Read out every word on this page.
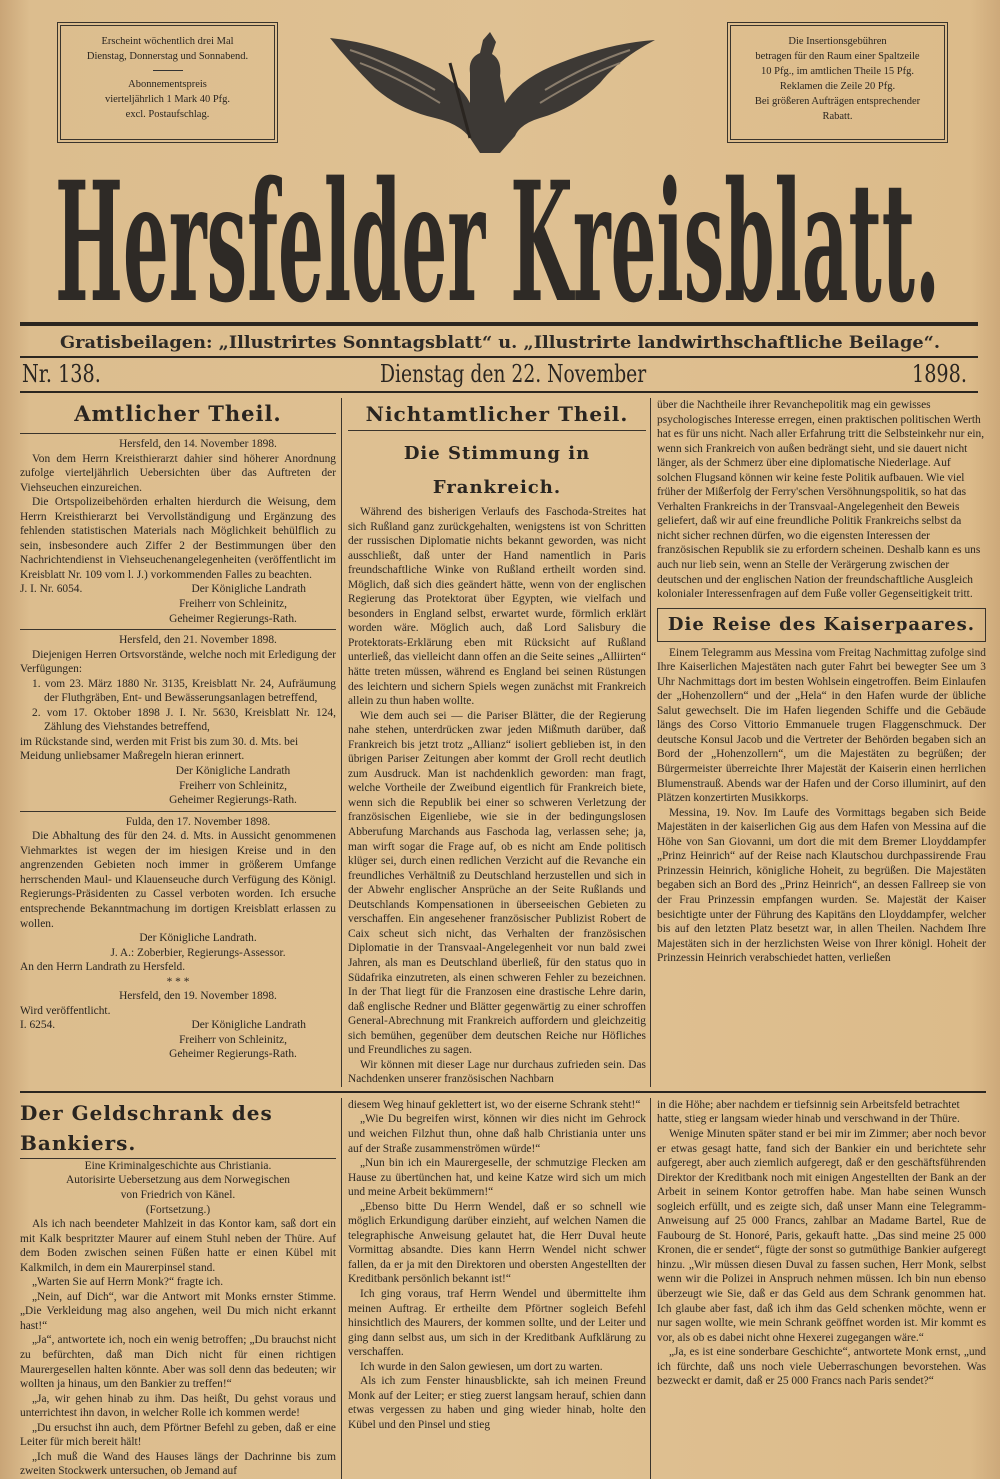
Erscheint wöchentlich drei Mal
Dienstag, Donnerstag und Sonnabend.
Abonnementspreis
vierteljährlich 1 Mark 40 Pfg.
excl. Postaufschlag.
Die Insertionsgebühren
betragen für den Raum einer Spaltzeile
10 Pfg., im amtlichen Theile 15 Pfg.
Reklamen die Zeile 20 Pfg.
Bei größeren Aufträgen entsprechender
Rabatt.
Hersfelder Kreisblatt.
Gratisbeilagen: „Illustrirtes Sonntagsblatt“ u. „Illustrirte landwirthschaftliche Beilage“.
Nr. 138.	Dienstag den 22. November	1898.

Amtlicher Theil.

Hersfeld, den 14. November 1898.

Von dem Herrn Kreisthierarzt dahier sind höherer Anordnung zufolge vierteljährlich Uebersichten über das Auftreten der Viehseuchen einzureichen.

Die Ortspolizeibehörden erhalten hierdurch die Weisung, dem Herrn Kreisthierarzt bei Vervollständigung und Ergänzung des fehlenden statistischen Materials nach Möglichkeit behülflich zu sein, insbesondere auch Ziffer 2 der Bestimmungen über den Nachrichtendienst in Viehseuchenangelegenheiten (veröffentlicht im Kreisblatt Nr. 109 vom l. J.) vorkommenden Falles zu beachten.

J. I. Nr. 6054.	Der Königliche Landrath

Freiherr von Schleinitz,

Geheimer Regierungs-Rath.

Hersfeld, den 21. November 1898.

Diejenigen Herren Ortsvorstände, welche noch mit Erledigung der Verfügungen:

1. vom 23. März 1880 Nr. 3135, Kreisblatt Nr. 24, Aufräumung der Fluthgräben, Ent- und Bewässerungsanlagen betreffend,

2. vom 17. Oktober 1898 J. I. Nr. 5630, Kreisblatt Nr. 124, Zählung des Viehstandes betreffend,

im Rückstande sind, werden mit Frist bis zum 30. d. Mts. bei Meidung unliebsamer Maßregeln hieran erinnert.

Der Königliche Landrath

Freiherr von Schleinitz,

Geheimer Regierungs-Rath.

Fulda, den 17. November 1898.

Die Abhaltung des für den 24. d. Mts. in Aussicht genommenen Viehmarktes ist wegen der im hiesigen Kreise und in den angrenzenden Gebieten noch immer in größerem Umfange herrschenden Maul- und Klauenseuche durch Verfügung des Königl. Regierungs-Präsidenten zu Cassel verboten worden. Ich ersuche entsprechende Bekanntmachung im dortigen Kreisblatt erlassen zu wollen.

Der Königliche Landrath.

J. A.: Zoberbier, Regierungs-Assessor.

An den Herrn Landrath zu Hersfeld.

* * *

Hersfeld, den 19. November 1898.

Wird veröffentlicht.

I. 6254.	Der Königliche Landrath

Freiherr von Schleinitz,

Geheimer Regierungs-Rath.

Nichtamtlicher Theil.

Die Stimmung in Frankreich.

Während des bisherigen Verlaufs des Faschoda-Streites hat sich Rußland ganz zurückgehalten, wenigstens ist von Schritten der russischen Diplomatie nichts bekannt geworden, was nicht ausschließt, daß unter der Hand namentlich in Paris freundschaftliche Winke von Rußland ertheilt worden sind. Möglich, daß sich dies geändert hätte, wenn von der englischen Regierung das Protektorat über Egypten, wie vielfach und besonders in England selbst, erwartet wurde, förmlich erklärt worden wäre. Möglich auch, daß Lord Salisbury die Protektorats-Erklärung eben mit Rücksicht auf Rußland unterließ, das vielleicht dann offen an die Seite seines „Alliirten“ hätte treten müssen, während es England bei seinen Rüstungen des leichtern und sichern Spiels wegen zunächst mit Frankreich allein zu thun haben wollte.

Wie dem auch sei — die Pariser Blätter, die der Regierung nahe stehen, unterdrücken zwar jeden Mißmuth darüber, daß Frankreich bis jetzt trotz „Allianz“ isoliert geblieben ist, in den übrigen Pariser Zeitungen aber kommt der Groll recht deutlich zum Ausdruck. Man ist nachdenklich geworden: man fragt, welche Vortheile der Zweibund eigentlich für Frankreich biete, wenn sich die Republik bei einer so schweren Verletzung der französischen Eigenliebe, wie sie in der bedingungslosen Abberufung Marchands aus Faschoda lag, verlassen sehe; ja, man wirft sogar die Frage auf, ob es nicht am Ende politisch klüger sei, durch einen redlichen Verzicht auf die Revanche ein freundliches Verhältniß zu Deutschland herzustellen und sich in der Abwehr englischer Ansprüche an der Seite Rußlands und Deutschlands Kompensationen in überseeischen Gebieten zu verschaffen. Ein angesehener französischer Publizist Robert de Caix scheut sich nicht, das Verhalten der französischen Diplomatie in der Transvaal-Angelegenheit vor nun bald zwei Jahren, als man es Deutschland überließ, für den status quo in Südafrika einzutreten, als einen schweren Fehler zu bezeichnen. In der That liegt für die Franzosen eine drastische Lehre darin, daß englische Redner und Blätter gegenwärtig zu einer schroffen General-Abrechnung mit Frankreich auffordern und gleichzeitig sich bemühen, gegenüber dem deutschen Reiche nur Höfliches und Freundliches zu sagen.

Wir können mit dieser Lage nur durchaus zufrieden sein. Das Nachdenken unserer französischen Nachbarn

über die Nachtheile ihrer Revanchepolitik mag ein gewisses psychologisches Interesse erregen, einen praktischen politischen Werth hat es für uns nicht. Nach aller Erfahrung tritt die Selbsteinkehr nur ein, wenn sich Frankreich von außen bedrängt sieht, und sie dauert nicht länger, als der Schmerz über eine diplomatische Niederlage. Auf solchen Flugsand können wir keine feste Politik aufbauen. Wie viel früher der Mißerfolg der Ferry'schen Versöhnungspolitik, so hat das Verhalten Frankreichs in der Transvaal-Angelegenheit den Beweis geliefert, daß wir auf eine freundliche Politik Frankreichs selbst da nicht sicher rechnen dürfen, wo die eigensten Interessen der französischen Republik sie zu erfordern scheinen. Deshalb kann es uns auch nur lieb sein, wenn an Stelle der Verärgerung zwischen der deutschen und der englischen Nation der freundschaftliche Ausgleich kolonialer Interessenfragen auf dem Fuße voller Gegenseitigkeit tritt.

Die Reise des Kaiserpaares.

Einem Telegramm aus Messina vom Freitag Nachmittag zufolge sind Ihre Kaiserlichen Majestäten nach guter Fahrt bei bewegter See um 3 Uhr Nachmittags dort im besten Wohlsein eingetroffen. Beim Einlaufen der „Hohenzollern“ und der „Hela“ in den Hafen wurde der übliche Salut gewechselt. Die im Hafen liegenden Schiffe und die Gebäude längs des Corso Vittorio Emmanuele trugen Flaggenschmuck. Der deutsche Konsul Jacob und die Vertreter der Behörden begaben sich an Bord der „Hohenzollern“, um die Majestäten zu begrüßen; der Bürgermeister überreichte Ihrer Majestät der Kaiserin einen herrlichen Blumenstrauß. Abends war der Hafen und der Corso illuminirt, auf den Plätzen konzertirten Musikkorps.

Messina, 19. Nov. Im Laufe des Vormittags begaben sich Beide Majestäten in der kaiserlichen Gig aus dem Hafen von Messina auf die Höhe von San Giovanni, um dort die mit dem Bremer Lloyddampfer „Prinz Heinrich“ auf der Reise nach Klautschou durchpassirende Frau Prinzessin Heinrich, königliche Hoheit, zu begrüßen. Die Majestäten begaben sich an Bord des „Prinz Heinrich“, an dessen Fallreep sie von der Frau Prinzessin empfangen wurden. Se. Majestät der Kaiser besichtigte unter der Führung des Kapitäns den Lloyddampfer, welcher bis auf den letzten Platz besetzt war, in allen Theilen. Nachdem Ihre Majestäten sich in der herzlichsten Weise von Ihrer königl. Hoheit der Prinzessin Heinrich verabschiedet hatten, verließen

Der Geldschrank des Bankiers.

Eine Kriminalgeschichte aus Christiania.

Autorisirte Uebersetzung aus dem Norwegischen

von Friedrich von Känel.

(Fortsetzung.)

Als ich nach beendeter Mahlzeit in das Kontor kam, saß dort ein mit Kalk bespritzter Maurer auf einem Stuhl neben der Thüre. Auf dem Boden zwischen seinen Füßen hatte er einen Kübel mit Kalkmilch, in dem ein Maurerpinsel stand.

„Warten Sie auf Herrn Monk?“ fragte ich.

„Nein, auf Dich“, war die Antwort mit Monks ernster Stimme. „Die Verkleidung mag also angehen, weil Du mich nicht erkannt hast!“

„Ja“, antwortete ich, noch ein wenig betroffen; „Du brauchst nicht zu befürchten, daß man Dich nicht für einen richtigen Maurergesellen halten könnte. Aber was soll denn das bedeuten; wir wollten ja hinaus, um den Bankier zu treffen!“

„Ja, wir gehen hinab zu ihm. Das heißt, Du gehst voraus und unterrichtest ihn davon, in welcher Rolle ich kommen werde!

„Du ersuchst ihn auch, dem Pförtner Befehl zu geben, daß er eine Leiter für mich bereit hält!

„Ich muß die Wand des Hauses längs der Dachrinne bis zum zweiten Stockwerk untersuchen, ob Jemand auf

diesem Weg hinauf geklettert ist, wo der eiserne Schrank steht!“

„Wie Du begreifen wirst, können wir dies nicht im Gehrock und weichen Filzhut thun, ohne daß halb Christiania unter uns auf der Straße zusammenströmen würde!“

„Nun bin ich ein Maurergeselle, der schmutzige Flecken am Hause zu übertünchen hat, und keine Katze wird sich um mich und meine Arbeit bekümmern!“

„Ebenso bitte Du Herrn Wendel, daß er so schnell wie möglich Erkundigung darüber einzieht, auf welchen Namen die telegraphische Anweisung gelautet hat, die Herr Duval heute Vormittag absandte. Dies kann Herrn Wendel nicht schwer fallen, da er ja mit den Direktoren und obersten Angestellten der Kreditbank persönlich bekannt ist!“

Ich ging voraus, traf Herrn Wendel und übermittelte ihm meinen Auftrag. Er ertheilte dem Pförtner sogleich Befehl hinsichtlich des Maurers, der kommen sollte, und der Leiter und ging dann selbst aus, um sich in der Kreditbank Aufklärung zu verschaffen.

Ich wurde in den Salon gewiesen, um dort zu warten.

Als ich zum Fenster hinausblickte, sah ich meinen Freund Monk auf der Leiter; er stieg zuerst langsam herauf, schien dann etwas vergessen zu haben und ging wieder hinab, holte den Kübel und den Pinsel und stieg

in die Höhe; aber nachdem er tiefsinnig sein Arbeitsfeld betrachtet hatte, stieg er langsam wieder hinab und verschwand in der Thüre.

Wenige Minuten später stand er bei mir im Zimmer; aber noch bevor er etwas gesagt hatte, fand sich der Bankier ein und berichtete sehr aufgeregt, aber auch ziemlich aufgeregt, daß er den geschäftsführenden Direktor der Kreditbank noch mit einigen Angestellten der Bank an der Arbeit in seinem Kontor getroffen habe. Man habe seinen Wunsch sogleich erfüllt, und es zeigte sich, daß unser Mann eine Telegramm-Anweisung auf 25 000 Francs, zahlbar an Madame Bartel, Rue de Faubourg de St. Honoré, Paris, gekauft hatte. „Das sind meine 25 000 Kronen, die er sendet“, fügte der sonst so gutmüthige Bankier aufgeregt hinzu. „Wir müssen diesen Duval zu fassen suchen, Herr Monk, selbst wenn wir die Polizei in Anspruch nehmen müssen. Ich bin nun ebenso überzeugt wie Sie, daß er das Geld aus dem Schrank genommen hat. Ich glaube aber fast, daß ich ihm das Geld schenken möchte, wenn er nur sagen wollte, wie mein Schrank geöffnet worden ist. Mir kommt es vor, als ob es dabei nicht ohne Hexerei zugegangen wäre.“

„Ja, es ist eine sonderbare Geschichte“, antwortete Monk ernst, „und ich fürchte, daß uns noch viele Ueberraschungen bevorstehen. Was bezweckt er damit, daß er 25 000 Francs nach Paris sendet?“
